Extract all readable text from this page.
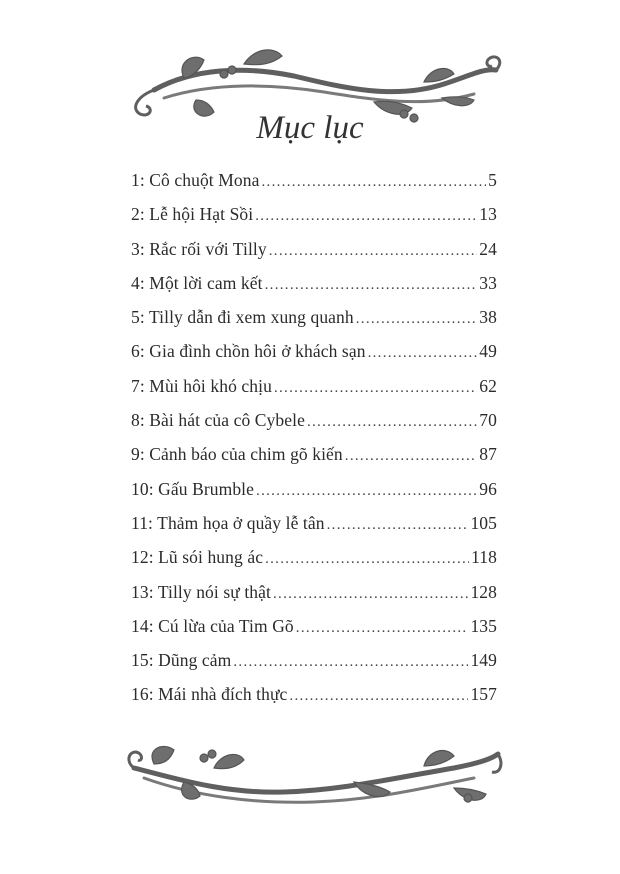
Mục lục
1: Cô chuột Mona .....	5
2: Lễ hội Hạt Sồi .....	13
3: Rắc rối với Tilly .....	24
4: Một lời cam kết .....	33
5: Tilly dẫn đi xem xung quanh .....	38
6: Gia đình chồn hôi ở khách sạn .....	49
7: Mùi hôi khó chịu .....	62
8: Bài hát của cô Cybele .....	70
9: Cảnh báo của chim gõ kiến .....	87
10: Gấu Brumble .....	96
11: Thảm họa ở quầy lễ tân .....	105
12: Lũ sói hung ác .....	118
13: Tilly nói sự thật .....	128
14: Cú lừa của Tim Gõ .....	135
15: Dũng cảm .....	149
16: Mái nhà đích thực .....	157
